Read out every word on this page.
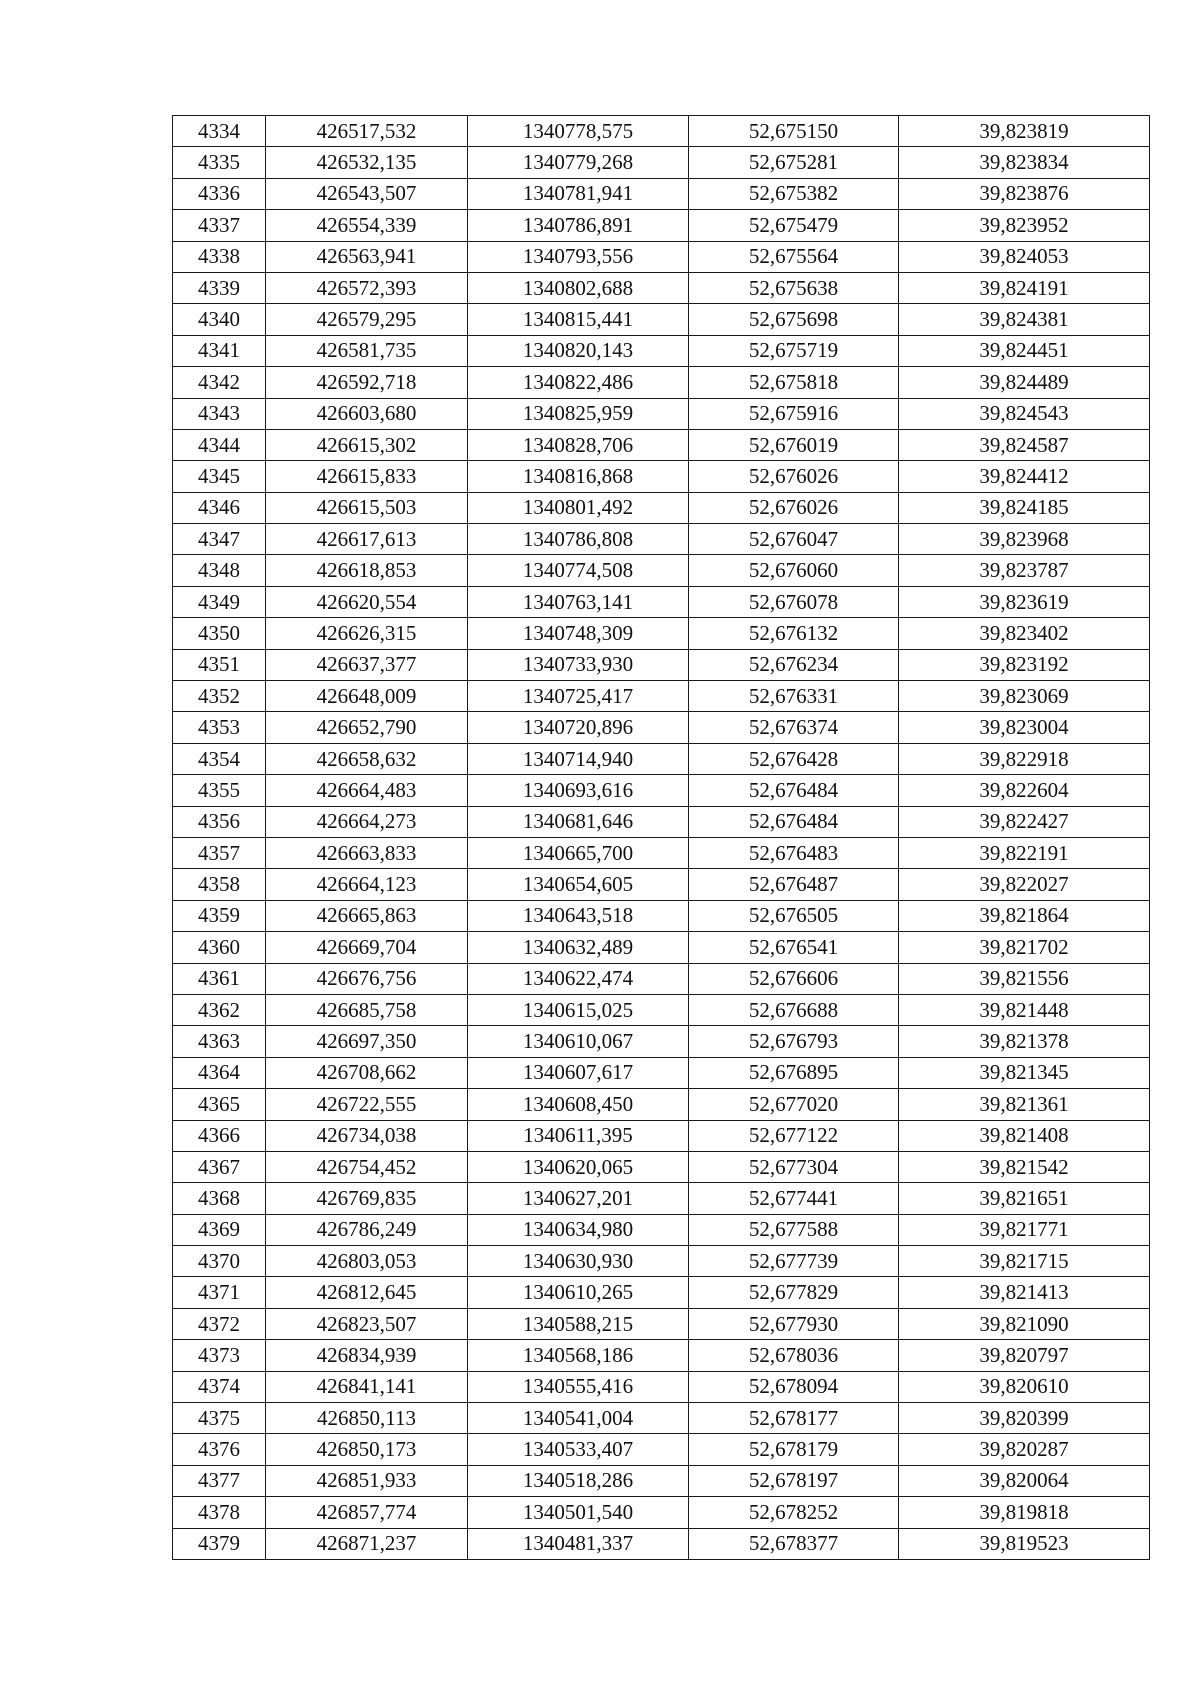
4334	426517,532	1340778,575	52,675150	39,823819
4335	426532,135	1340779,268	52,675281	39,823834
4336	426543,507	1340781,941	52,675382	39,823876
4337	426554,339	1340786,891	52,675479	39,823952
4338	426563,941	1340793,556	52,675564	39,824053
4339	426572,393	1340802,688	52,675638	39,824191
4340	426579,295	1340815,441	52,675698	39,824381
4341	426581,735	1340820,143	52,675719	39,824451
4342	426592,718	1340822,486	52,675818	39,824489
4343	426603,680	1340825,959	52,675916	39,824543
4344	426615,302	1340828,706	52,676019	39,824587
4345	426615,833	1340816,868	52,676026	39,824412
4346	426615,503	1340801,492	52,676026	39,824185
4347	426617,613	1340786,808	52,676047	39,823968
4348	426618,853	1340774,508	52,676060	39,823787
4349	426620,554	1340763,141	52,676078	39,823619
4350	426626,315	1340748,309	52,676132	39,823402
4351	426637,377	1340733,930	52,676234	39,823192
4352	426648,009	1340725,417	52,676331	39,823069
4353	426652,790	1340720,896	52,676374	39,823004
4354	426658,632	1340714,940	52,676428	39,822918
4355	426664,483	1340693,616	52,676484	39,822604
4356	426664,273	1340681,646	52,676484	39,822427
4357	426663,833	1340665,700	52,676483	39,822191
4358	426664,123	1340654,605	52,676487	39,822027
4359	426665,863	1340643,518	52,676505	39,821864
4360	426669,704	1340632,489	52,676541	39,821702
4361	426676,756	1340622,474	52,676606	39,821556
4362	426685,758	1340615,025	52,676688	39,821448
4363	426697,350	1340610,067	52,676793	39,821378
4364	426708,662	1340607,617	52,676895	39,821345
4365	426722,555	1340608,450	52,677020	39,821361
4366	426734,038	1340611,395	52,677122	39,821408
4367	426754,452	1340620,065	52,677304	39,821542
4368	426769,835	1340627,201	52,677441	39,821651
4369	426786,249	1340634,980	52,677588	39,821771
4370	426803,053	1340630,930	52,677739	39,821715
4371	426812,645	1340610,265	52,677829	39,821413
4372	426823,507	1340588,215	52,677930	39,821090
4373	426834,939	1340568,186	52,678036	39,820797
4374	426841,141	1340555,416	52,678094	39,820610
4375	426850,113	1340541,004	52,678177	39,820399
4376	426850,173	1340533,407	52,678179	39,820287
4377	426851,933	1340518,286	52,678197	39,820064
4378	426857,774	1340501,540	52,678252	39,819818
4379	426871,237	1340481,337	52,678377	39,819523
